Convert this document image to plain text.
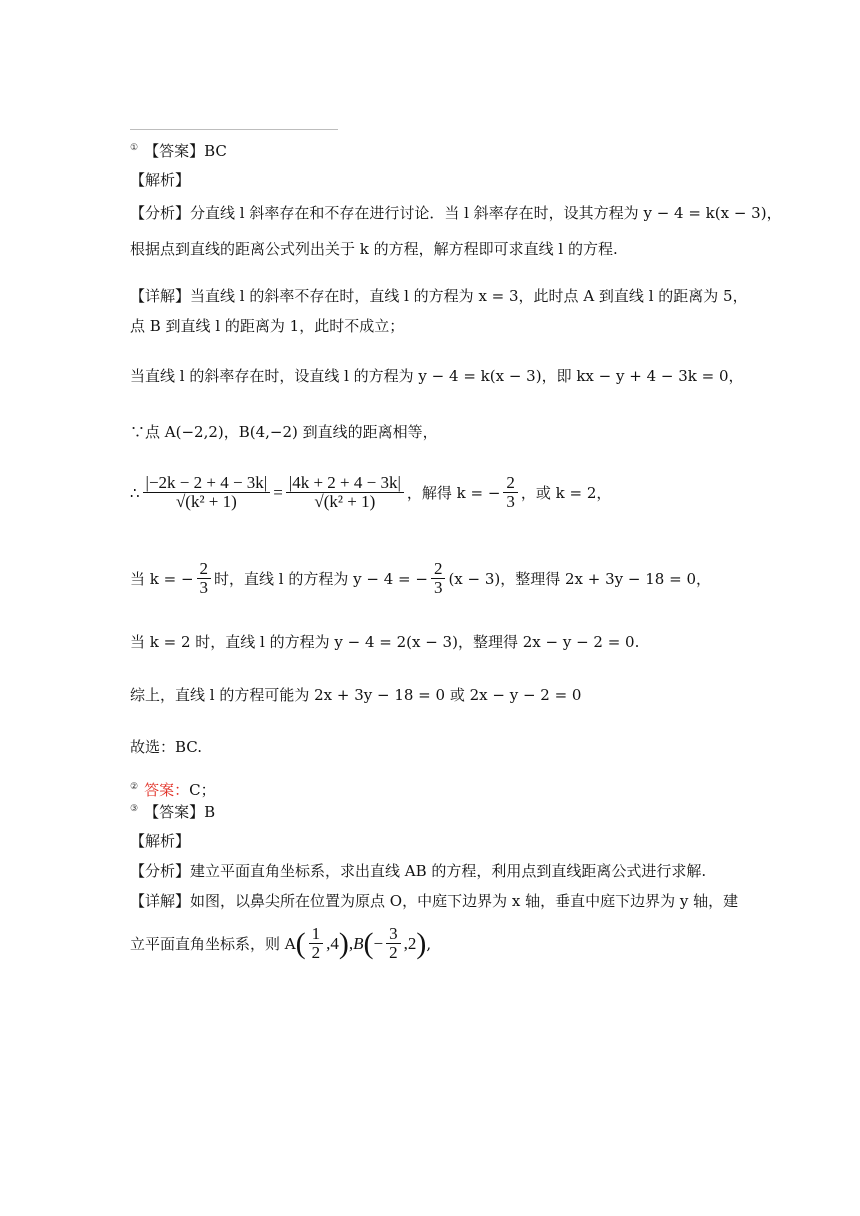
① 【答案】BC
【解析】
【分析】分直线 l 斜率存在和不存在进行讨论．当 l 斜率存在时，设其方程为 y − 4 = k(x − 3)，
根据点到直线的距离公式列出关于 k 的方程，解方程即可求直线 l 的方程.
【详解】当直线 l 的斜率不存在时，直线 l 的方程为 x = 3，此时点 A 到直线 l 的距离为 5，
点 B 到直线 l 的距离为 1，此时不成立；
当直线 l 的斜率存在时，设直线 l 的方程为 y − 4 = k(x − 3)，即 kx − y + 4 − 3k = 0，
∵点 A(−2,2)，B(4,−2) 到直线的距离相等，
∴ $\frac{|-2k - 2 + 4 - 3k|}{\text{√(k² + 1)}} = \frac{|4k + 2 + 4 - 3k|}{\text{√(k² + 1)}}$ ，解得 k = − $\frac{2}{3}$ ，或 k = 2，
当 k = − $\frac{2}{3}$ 时，直线 l 的方程为 y − 4 = − $\frac{2}{3} (x - 3)$，整理得 2x + 3y − 18 = 0，
当 k = 2 时，直线 l 的方程为 y − 4 = 2(x − 3)，整理得 2x − y − 2 = 0.
综上，直线 l 的方程可能为 2x + 3y − 18 = 0 或 2x − y − 2 = 0
故选：BC.
② 答案：C；
③ 【答案】B
【解析】
【分析】建立平面直角坐标系，求出直线 AB 的方程，利用点到直线距离公式进行求解.
【详解】如图，以鼻尖所在位置为原点 O，中庭下边界为 x 轴，垂直中庭下边界为 y 轴，建
立平面直角坐标系，则 A ( $\frac{1}{2}$ , 4 ) , B ( − $\frac{3}{2}$ , 2 ) ,
